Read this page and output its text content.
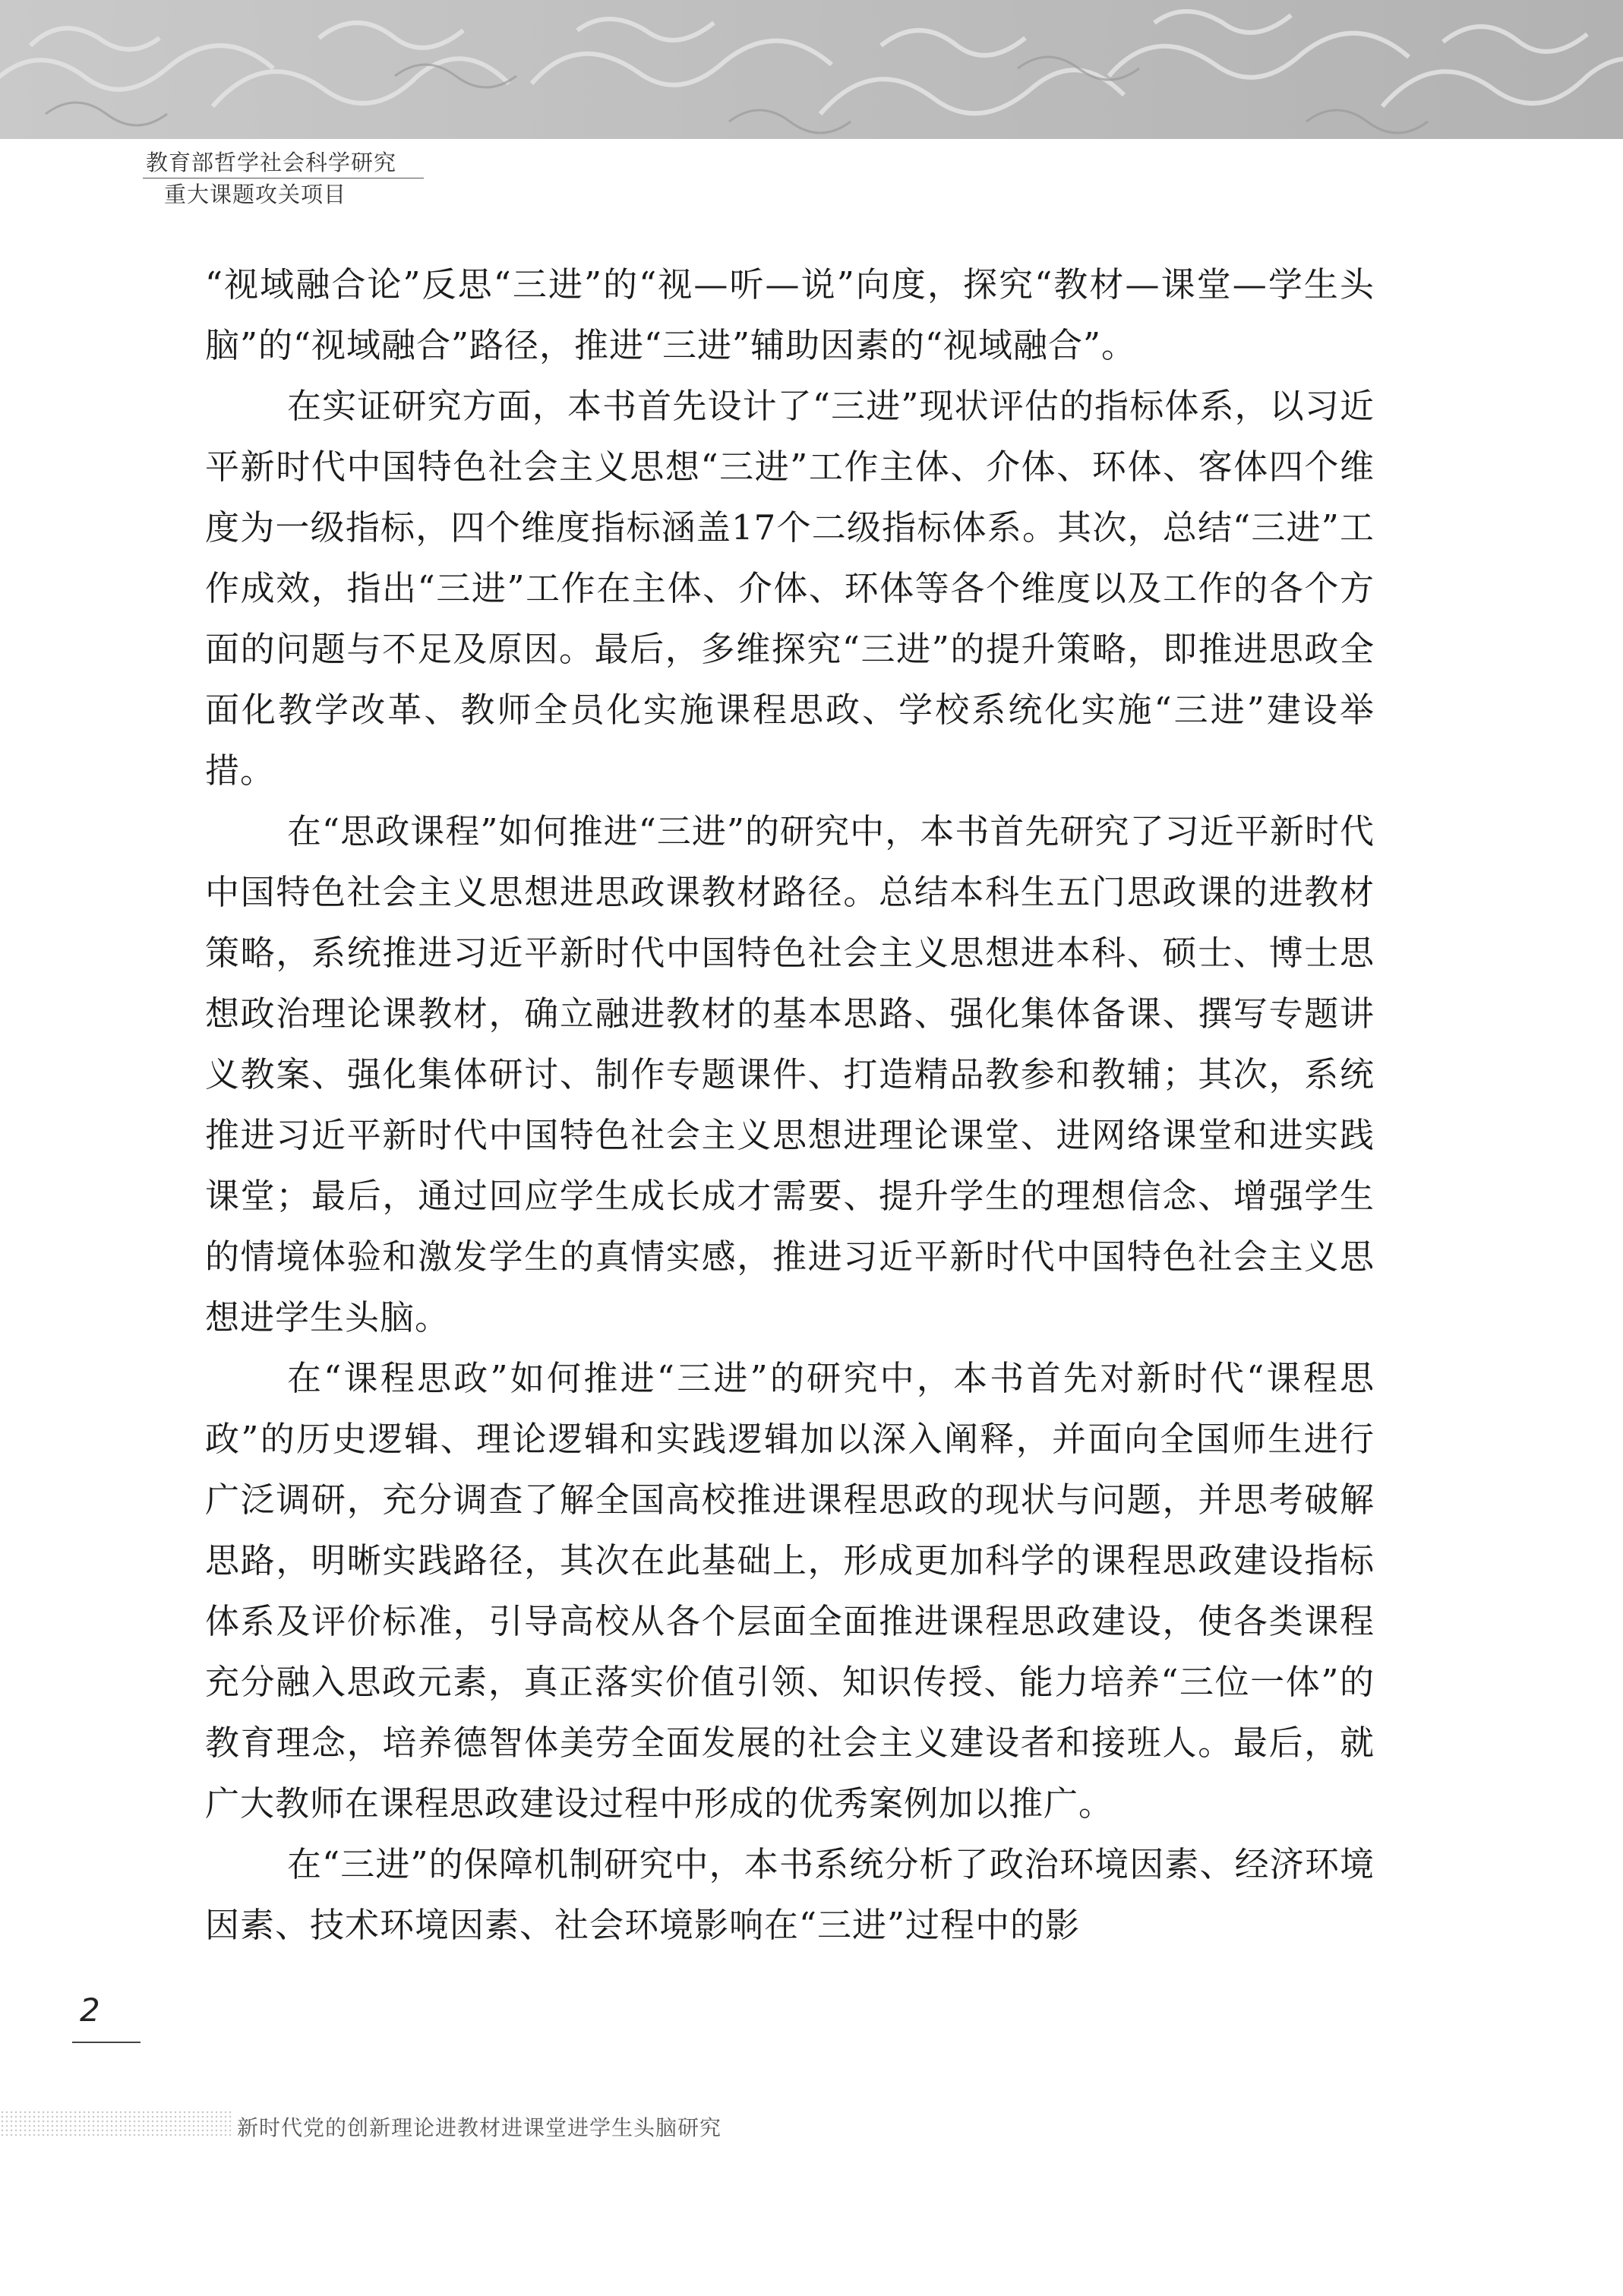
教育部哲学社会科学研究
重大课题攻关项目

“视域融合论”反思“三进”的“视—听—说”向度，探究“教材—课堂—学生头脑”的“视域融合”路径，推进“三进”辅助因素的“视域融合”。

在实证研究方面，本书首先设计了“三进”现状评估的指标体系，以习近平新时代中国特色社会主义思想“三进”工作主体、介体、环体、客体四个维度为一级指标，四个维度指标涵盖17个二级指标体系。其次，总结“三进”工作成效，指出“三进”工作在主体、介体、环体等各个维度以及工作的各个方面的问题与不足及原因。最后，多维探究“三进”的提升策略，即推进思政全面化教学改革、教师全员化实施课程思政、学校系统化实施“三进”建设举措。

在“思政课程”如何推进“三进”的研究中，本书首先研究了习近平新时代中国特色社会主义思想进思政课教材路径。总结本科生五门思政课的进教材策略，系统推进习近平新时代中国特色社会主义思想进本科、硕士、博士思想政治理论课教材，确立融进教材的基本思路、强化集体备课、撰写专题讲义教案、强化集体研讨、制作专题课件、打造精品教参和教辅；其次，系统推进习近平新时代中国特色社会主义思想进理论课堂、进网络课堂和进实践课堂；最后，通过回应学生成长成才需要、提升学生的理想信念、增强学生的情境体验和激发学生的真情实感，推进习近平新时代中国特色社会主义思想进学生头脑。

在“课程思政”如何推进“三进”的研究中，本书首先对新时代“课程思政”的历史逻辑、理论逻辑和实践逻辑加以深入阐释，并面向全国师生进行广泛调研，充分调查了解全国高校推进课程思政的现状与问题，并思考破解思路，明晰实践路径，其次在此基础上，形成更加科学的课程思政建设指标体系及评价标准，引导高校从各个层面全面推进课程思政建设，使各类课程充分融入思政元素，真正落实价值引领、知识传授、能力培养“三位一体”的教育理念，培养德智体美劳全面发展的社会主义建设者和接班人。最后，就广大教师在课程思政建设过程中形成的优秀案例加以推广。

在“三进”的保障机制研究中，本书系统分析了政治环境因素、经济环境因素、技术环境因素、社会环境影响在“三进”过程中的影

2
新时代党的创新理论进教材进课堂进学生头脑研究
